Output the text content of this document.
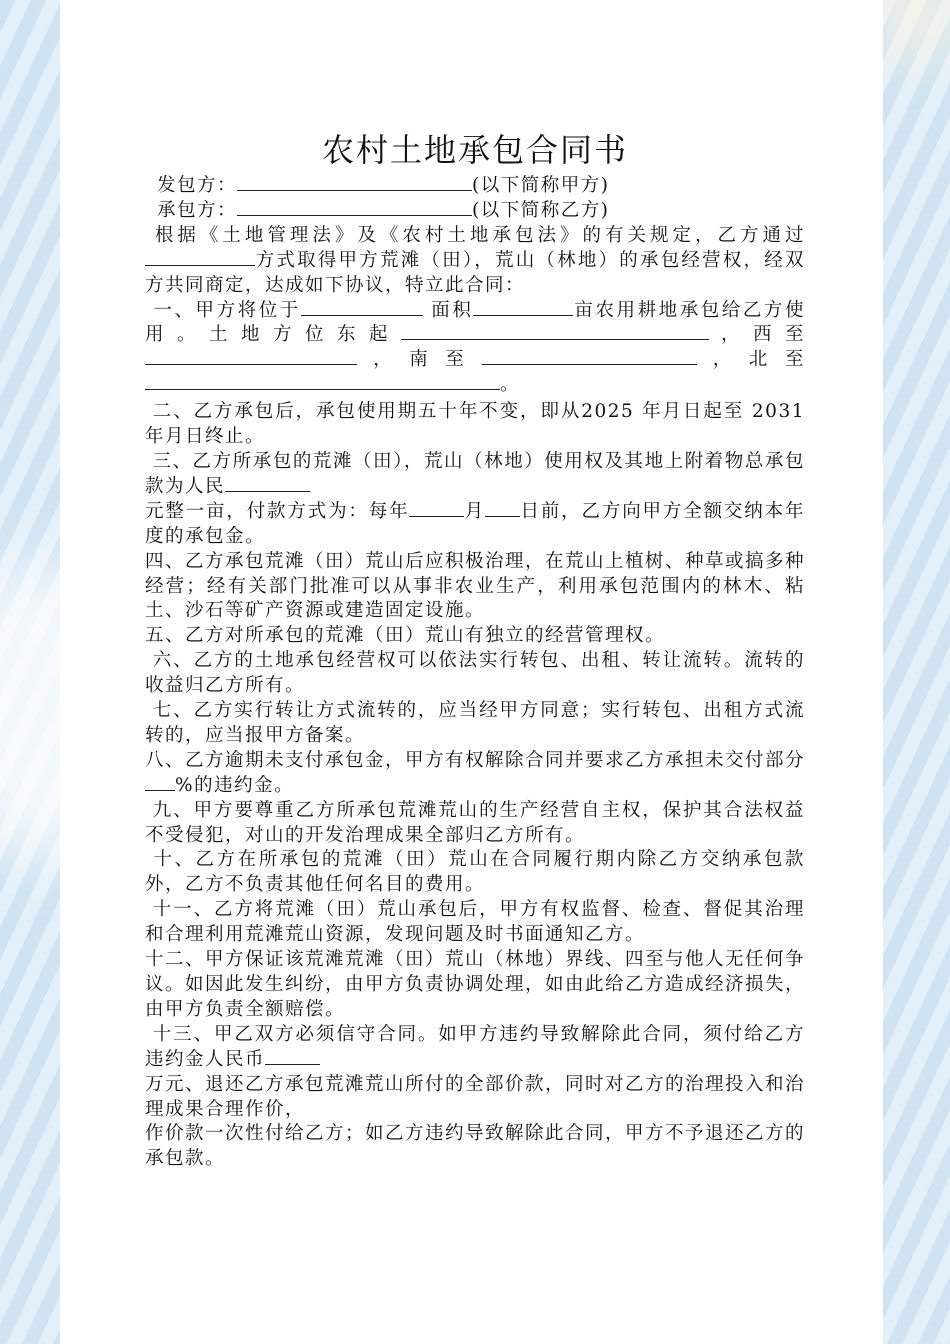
农村土地承包合同书

发包方：	(以下简称甲方)

承包方：	(以下简称乙方)

根据《土地管理法》及《农村土地承包法》的有关规定，乙方通过方式取得甲方荒滩（田），荒山（林地）的承包经营权，经双方共同商定，达成如下协议，特立此合同：

一、甲方将位于	面积	亩农用耕地承包给乙方使用。土地方位东起	，西至，南至	，北至。

二、乙方承包后，承包使用期五十年不变，即从2025 年月日起至 2031 年月日终止。

三、乙方所承包的荒滩（田），荒山（林地）使用权及其地上附着物总承包款为人民
元整一亩，付款方式为：每年	月 日前，乙方向甲方全额交纳本年度的承包金。

四、乙方承包荒滩（田）荒山后应积极治理，在荒山上植树、种草或搞多种经营；经有关部门批准可以从事非农业生产，利用承包范围内的林木、粘土、沙石等矿产资源或建造固定设施。

五、乙方对所承包的荒滩（田）荒山有独立的经营管理权。

六、乙方的土地承包经营权可以依法实行转包、出租、转让流转。流转的收益归乙方所有。

七、乙方实行转让方式流转的，应当经甲方同意；实行转包、出租方式流转的，应当报甲方备案。

八、乙方逾期未支付承包金，甲方有权解除合同并要求乙方承担未交付部分%的违约金。

九、甲方要尊重乙方所承包荒滩荒山的生产经营自主权，保护其合法权益不受侵犯，对山的开发治理成果全部归乙方所有。

十、乙方在所承包的荒滩（田）荒山在合同履行期内除乙方交纳承包款外，乙方不负责其他任何名目的费用。

十一、乙方将荒滩（田）荒山承包后，甲方有权监督、检查、督促其治理和合理利用荒滩荒山资源，发现问题及时书面通知乙方。

十二、甲方保证该荒滩荒滩（田）荒山（林地）界线、四至与他人无任何争议。如因此发生纠纷，由甲方负责协调处理，如由此给乙方造成经济损失，由甲方负责全额赔偿。

十三、甲乙双方必须信守合同。如甲方违约导致解除此合同，须付给乙方违约金人民币
万元、退还乙方承包荒滩荒山所付的全部价款，同时对乙方的治理投入和治理成果合理作价，
作价款一次性付给乙方；如乙方违约导致解除此合同，甲方不予退还乙方的承包款。
